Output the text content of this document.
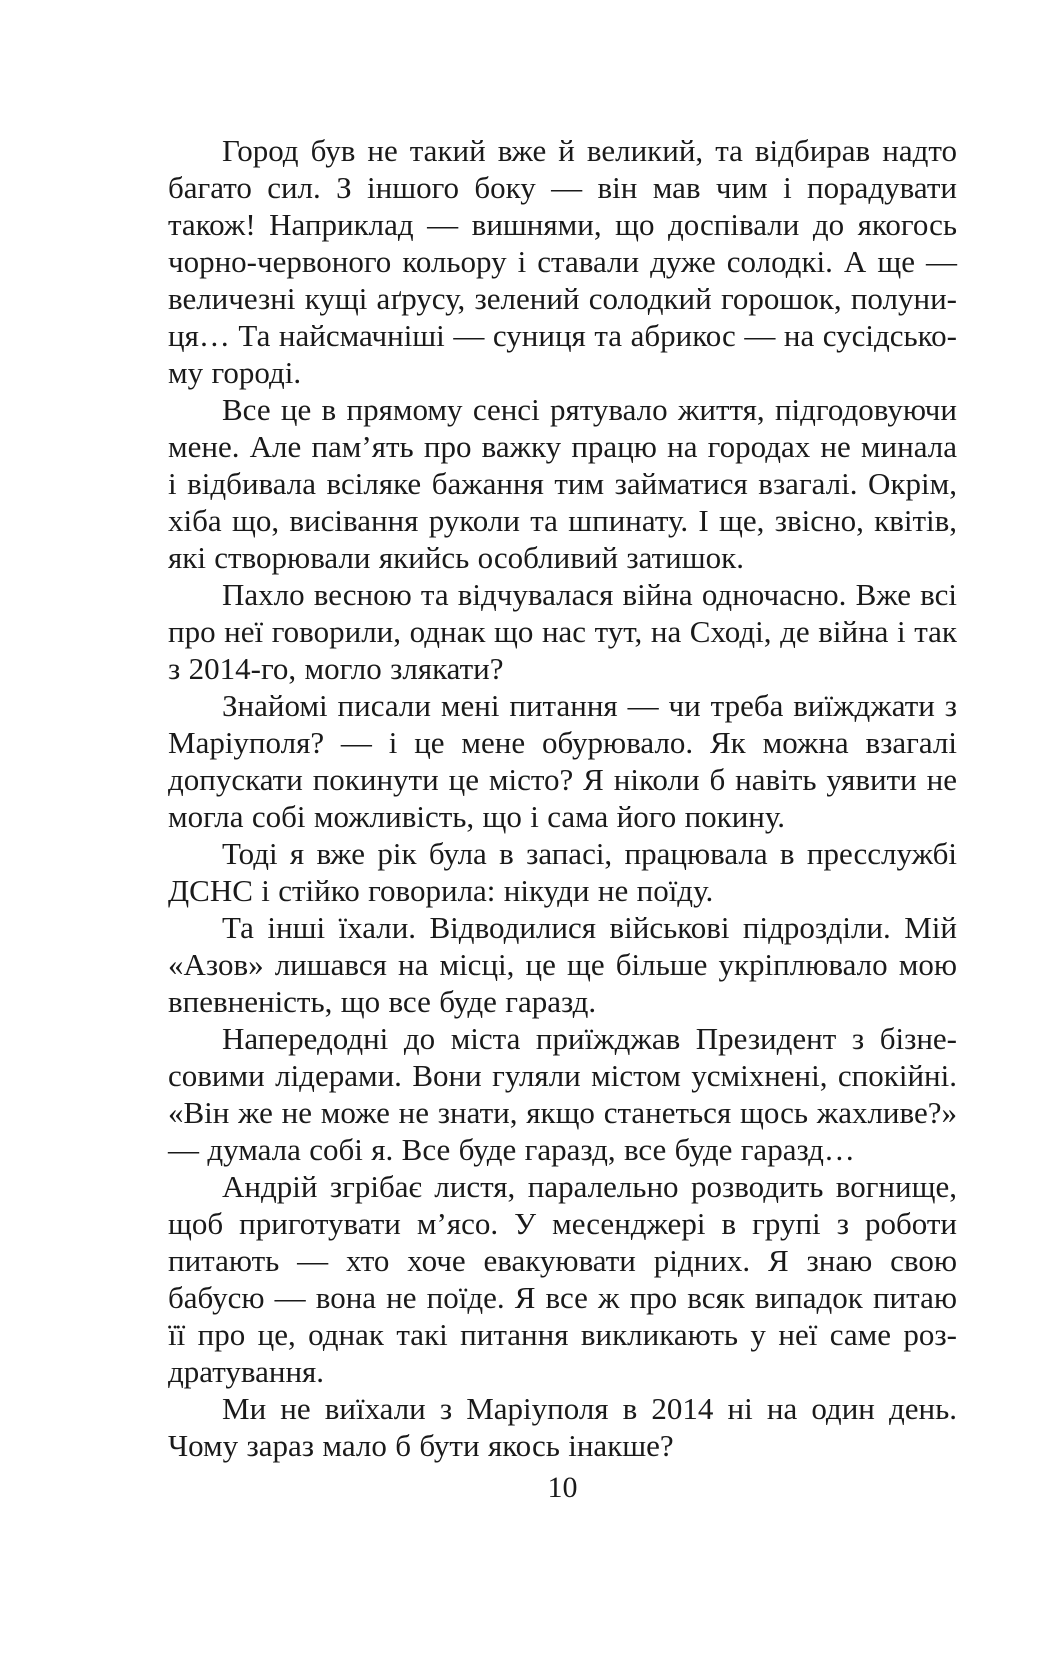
Город був не такий вже й великий, та відбирав надто багато сил. З іншого боку — він мав чим і порадувати також! Наприклад — вишнями, що доспівали до якогось чорно-червоного кольору і ставали дуже солодкі. А ще — величезні кущі аґрусу, зелений солодкий горошок, полуниця… Та найсмачніші — суниця та абрикос — на сусідському городі.

Все це в прямому сенсі рятувало життя, підгодовуючи мене. Але пам’ять про важку працю на городах не минала і відбивала всіляке бажання тим займатися взагалі. Окрім, хіба що, висівання руколи та шпинату. І ще, звісно, квітів, які створювали якийсь особливий затишок.

Пахло весною та відчувалася війна одночасно. Вже всі про неї говорили, однак що нас тут, на Сході, де війна і так з 2014-го, могло злякати?

Знайомі писали мені питання — чи треба виїжджати з Маріуполя? — і це мене обурювало. Як можна взагалі допускати покинути це місто? Я ніколи б навіть уявити не могла собі можливість, що і сама його покину.

Тоді я вже рік була в запасі, працювала в пресслужбі ДСНС і стійко говорила: нікуди не поїду.

Та інші їхали. Відводилися військові підрозділи. Мій «Азов» лишався на місці, це ще більше укріплювало мою впевненість, що все буде гаразд.

Напередодні до міста приїжджав Президент з бізнесовими лідерами. Вони гуляли містом усміхнені, спокійні. «Він же не може не знати, якщо станеться щось жахливе?» — думала собі я. Все буде гаразд, все буде гаразд…

Андрій згрібає листя, паралельно розводить вогнище, щоб приготувати м’ясо. У месенджері в групі з роботи питають — хто хоче евакуювати рідних. Я знаю свою бабусю — вона не поїде. Я все ж про всяк випадок питаю її про це, однак такі питання викликають у неї саме роздратування.

Ми не виїхали з Маріуполя в 2014 ні на один день. Чому зараз мало б бути якось інакше?

10
